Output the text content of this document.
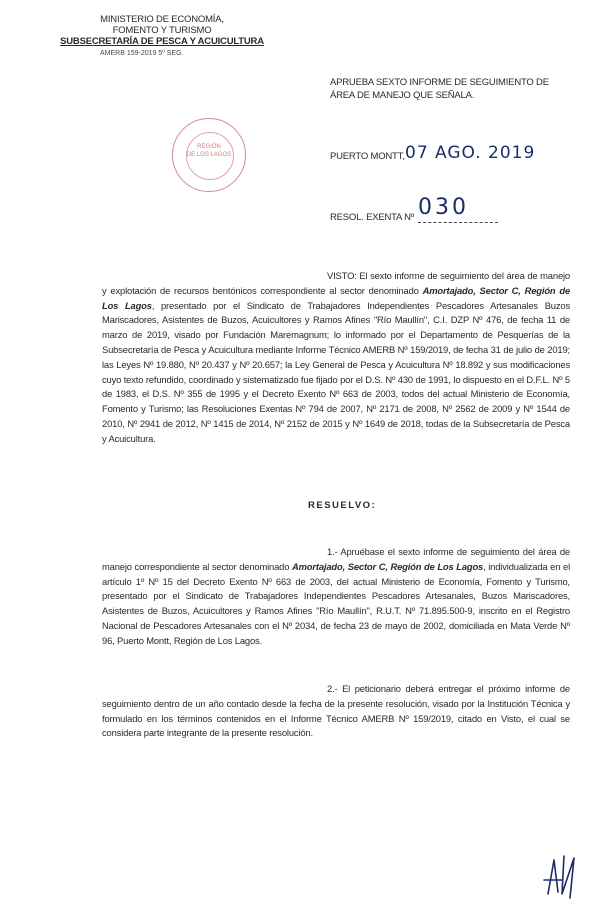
MINISTERIO DE ECONOMÍA,
FOMENTO Y TURISMO
SUBSECRETARÍA DE PESCA Y ACUICULTURA
AMERB 159-2019 5º SEG.
APRUEBA SEXTO INFORME DE SEGUIMIENTO DE
ÁREA DE MANEJO QUE SEÑALA.
REGIÓN
DE LOS LAGOS	PUERTO MONTT, 07 AGO. 2019
RESOL. EXENTA Nº 030
VISTO: El sexto informe de seguimiento del área de manejo y explotación de recursos bentónicos correspondiente al sector denominado Amortajado, Sector C, Región de Los Lagos, presentado por el Sindicato de Trabajadores Independientes Pescadores Artesanales Buzos Mariscadores, Asistentes de Buzos, Acuicultores y Ramos Afines "Río Maullín", C.I. DZP Nº 476, de fecha 11 de marzo de 2019, visado por Fundación Maremagnum; lo informado por el Departamento de Pesquerías de la Subsecretaría de Pesca y Acuicultura mediante Informe Técnico AMERB Nº 159/2019, de fecha 31 de julio de 2019; las Leyes Nº 19.880, Nº 20.437 y Nº 20.657; la Ley General de Pesca y Acuicultura Nº 18.892 y sus modificaciones cuyo texto refundido, coordinado y sistematizado fue fijado por el D.S. Nº 430 de 1991, lo dispuesto en el D.F.L. Nº 5 de 1983, el D.S. Nº 355 de 1995 y el Decreto Exento Nº 663 de 2003, todos del actual Ministerio de Economía, Fomento y Turismo; las Resoluciones Exentas Nº 794 de 2007, Nº 2171 de 2008, Nº 2562 de 2009 y Nº 1544 de 2010, Nº 2941 de 2012, Nº 1415 de 2014, Nº 2152 de 2015 y Nº 1649 de 2018, todas de la Subsecretaría de Pesca y Acuicultura.
RESUELVO:
1.- Apruébase el sexto informe de seguimiento del área de manejo correspondiente al sector denominado Amortajado, Sector C, Región de Los Lagos, individualizada en el artículo 1º Nº 15 del Decreto Exento Nº 663 de 2003, del actual Ministerio de Economía, Fomento y Turismo, presentado por el Sindicato de Trabajadores Independientes Pescadores Artesanales, Buzos Mariscadores, Asistentes de Buzos, Acuicultores y Ramos Afines "Río Maullín", R.U.T. Nº 71.895.500-9, inscrito en el Registro Nacional de Pescadores Artesanales con el Nº 2034, de fecha 23 de mayo de 2002, domiciliada en Mata Verde Nº 96, Puerto Montt, Región de Los Lagos.
2.- El peticionario deberá entregar el próximo informe de seguimiento dentro de un año contado desde la fecha de la presente resolución, visado por la Institución Técnica y formulado en los términos contenidos en el Informe Técnico AMERB Nº 159/2019, citado en Visto, el cual se considera parte integrante de la presente resolución.
